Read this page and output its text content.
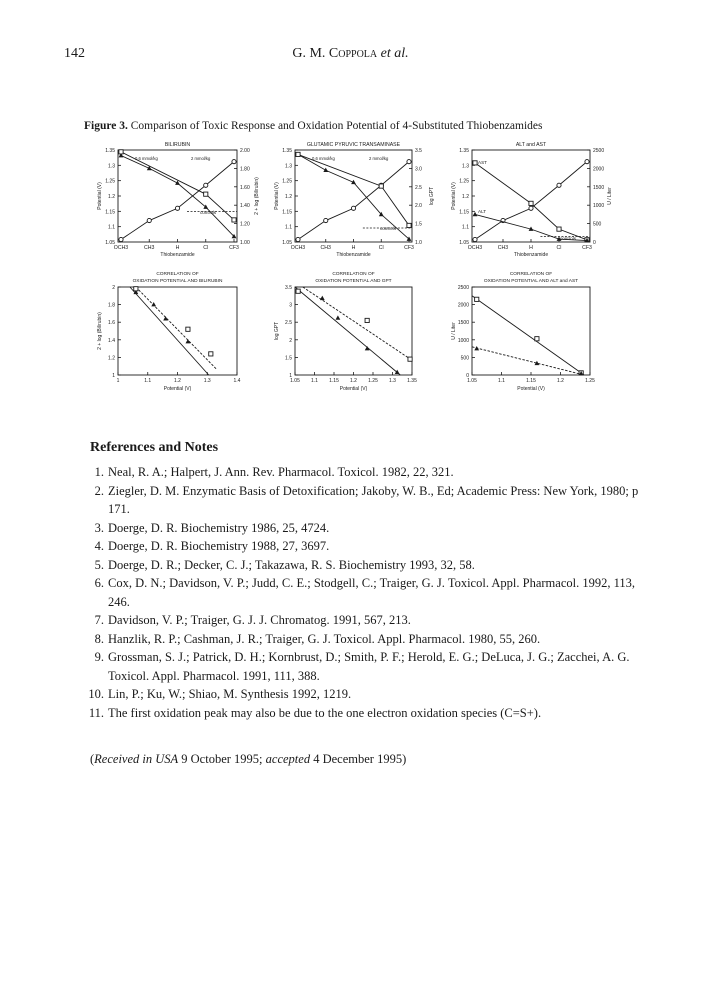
142	G. M. Coppola et al.
Figure 3. Comparison of Toxic Response and Oxidation Potential of 4-Substituted Thiobenzamides
BILIRUBIN
1.05
1.1
1.15
1.2
1.25
1.3
1.35
1.00
1.20
1.40
1.60
1.80
2.00
OCH3	CH3	H	Cl	CF3
Thiobenzamide
Potential (V)	2 + log (Bilirubin)
GLUTAMIC PYRUVIC TRANSAMINASE
1.05
1.1
1.15
1.2
1.25
1.3
1.35
1.0
1.5
2.0
2.5
3.0
3.5
OCH3	CH3	H	Cl	CF3
Thiobenzamide
Potential (V)	log GPT
ALT and AST
1.05
1.1
1.15
1.2
1.25
1.3
1.35
0
500
1000
1500
2000
2500
OCH3	CH3	H	Cl	CF3
Thiobenzamide
Potential (V)	U / Liter
0.6 mmol/kg	2 mmol/kg	0.6 mmol/kg	2 mmol/kg
controls
controls
controls
AST
ALT
CORRELATION OF
OXIDATION POTENTIAL AND BILIRUBIN
1
1.2
1.4
1.6
1.8
2
1	1.1	1.2	1.3	1.4
Potential (V)
2 + log (Bilirubin)
CORRELATION OF
OXIDATION POTENTIAL AND GPT
1
1.5
2
2.5
3
3.5
1.05 1.1 1.15 1.2 1.25 1.3 1.35
Potential (V)
log GPT
CORRELATION OF
OXIDATION POTENTIAL AND ALT and AST
0
500
1000
1500
2000
2500
1.05	1.1	1.15	1.2	1.25
Potential (V)
U / Liter
References and Notes
1. Neal, R. A.; Halpert, J. Ann. Rev. Pharmacol. Toxicol. 1982, 22, 321.
2. Ziegler, D. M. Enzymatic Basis of Detoxification; Jakoby, W. B., Ed; Academic Press: New York, 1980; p 171.
3. Doerge, D. R. Biochemistry 1986, 25, 4724.
4. Doerge, D. R. Biochemistry 1988, 27, 3697.
5. Doerge, D. R.; Decker, C. J.; Takazawa, R. S. Biochemistry 1993, 32, 58.
6. Cox, D. N.; Davidson, V. P.; Judd, C. E.; Stodgell, C.; Traiger, G. J. Toxicol. Appl. Pharmacol. 1992, 113, 246.
7. Davidson, V. P.; Traiger, G. J. J. Chromatog. 1991, 567, 213.
8. Hanzlik, R. P.; Cashman, J. R.; Traiger, G. J. Toxicol. Appl. Pharmacol. 1980, 55, 260.
9. Grossman, S. J.; Patrick, D. H.; Kornbrust, D.; Smith, P. F.; Herold, E. G.; DeLuca, J. G.; Zacchei, A. G. Toxicol. Appl. Pharmacol. 1991, 111, 388.
10. Lin, P.; Ku, W.; Shiao, M. Synthesis 1992, 1219.
11. The first oxidation peak may also be due to the one electron oxidation species (C=S+).
(Received in USA 9 October 1995; accepted 4 December 1995)
